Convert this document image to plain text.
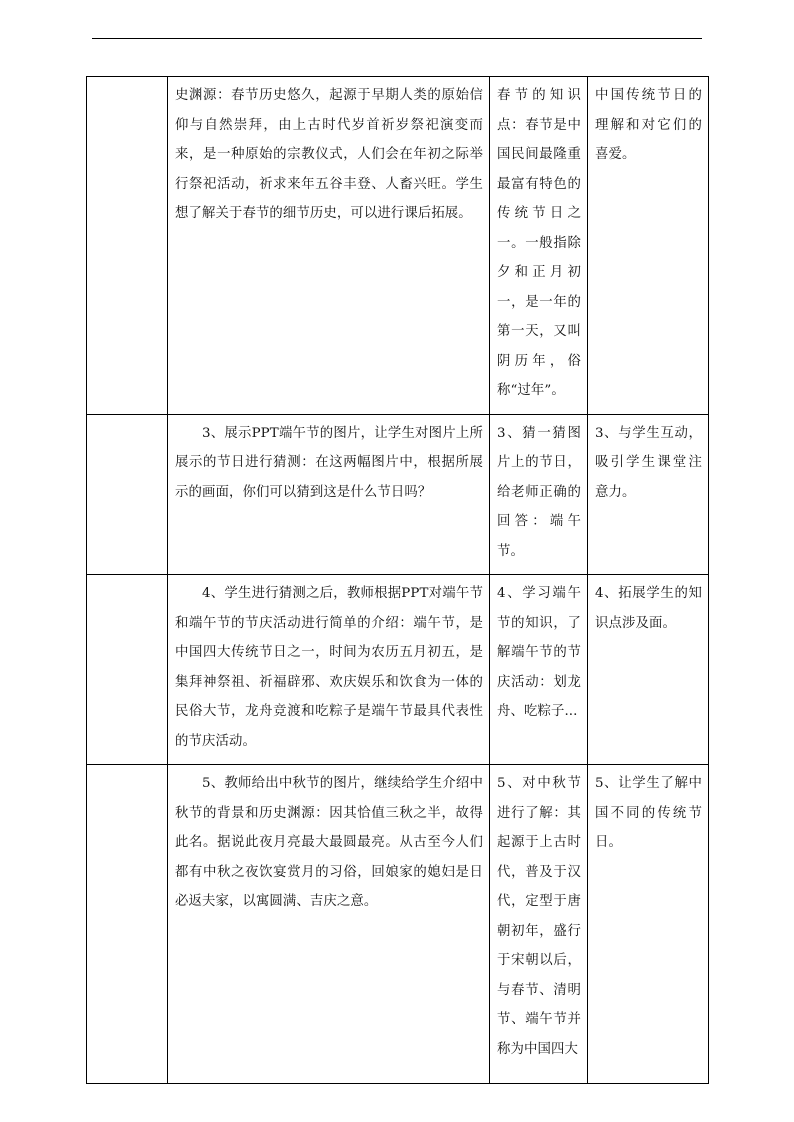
	史渊源：春节历史悠久，起源于早期人类的原始信仰与自然崇拜，由上古时代岁首祈岁祭祀演变而来，是一种原始的宗教仪式，人们会在年初之际举行祭祀活动，祈求来年五谷丰登、人畜兴旺。学生想了解关于春节的细节历史，可以进行课后拓展。	春节的知识点：春节是中国民间最隆重最富有特色的传统节日之一。一般指除夕和正月初一，是一年的第一天，又叫阴历年，俗称“过年”。	中国传统节日的理解和对它们的喜爱。

	3、展示PPT端午节的图片，让学生对图片上所展示的节日进行猜测：在这两幅图片中，根据所展示的画面，你们可以猜到这是什么节日吗？	3、猜一猜图片上的节日，给老师正确的回答：端午节。	3、与学生互动，吸引学生课堂注意力。

	4、学生进行猜测之后，教师根据PPT对端午节和端午节的节庆活动进行简单的介绍：端午节，是中国四大传统节日之一，时间为农历五月初五，是集拜神祭祖、祈福辟邪、欢庆娱乐和饮食为一体的民俗大节，龙舟竞渡和吃粽子是端午节最具代表性的节庆活动。	4、学习端午节的知识，了解端午节的节庆活动：划龙舟、吃粽子...	4、拓展学生的知识点涉及面。

	5、教师给出中秋节的图片，继续给学生介绍中秋节的背景和历史渊源：因其恰值三秋之半，故得此名。据说此夜月亮最大最圆最亮。从古至今人们都有中秋之夜饮宴赏月的习俗，回娘家的媳妇是日必返夫家，以寓圆满、吉庆之意。	5、对中秋节进行了解：其起源于上古时代，普及于汉代，定型于唐朝初年，盛行于宋朝以后，与春节、清明节、端午节并称为中国四大	5、让学生了解中国不同的传统节日。
